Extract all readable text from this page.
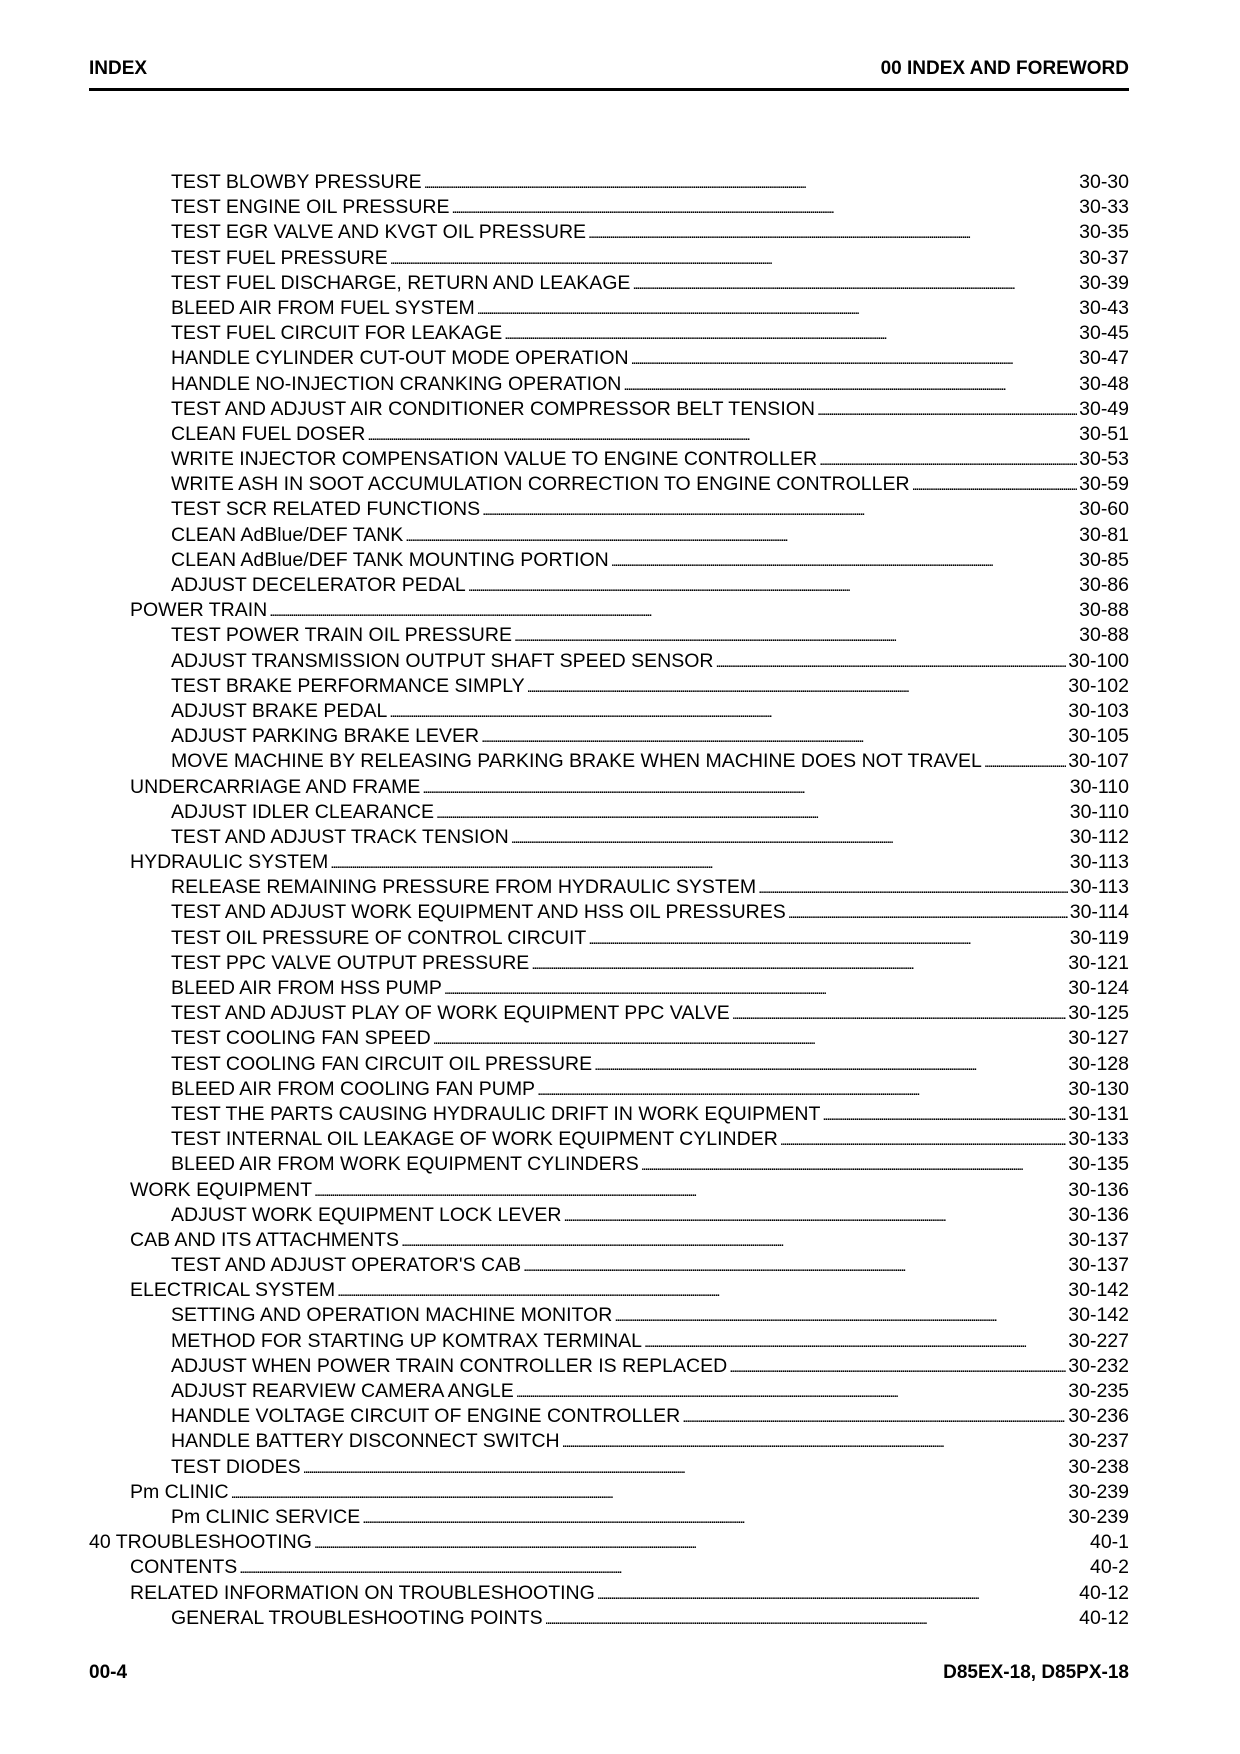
INDEX	00 INDEX AND FOREWORD
TEST BLOWBY PRESSURE . . .	30-30
TEST ENGINE OIL PRESSURE . . .	30-33
TEST EGR VALVE AND KVGT OIL PRESSURE . . .	30-35
TEST FUEL PRESSURE . . .	30-37
TEST FUEL DISCHARGE, RETURN AND LEAKAGE . . .	30-39
BLEED AIR FROM FUEL SYSTEM . . .	30-43
TEST FUEL CIRCUIT FOR LEAKAGE . . .	30-45
HANDLE CYLINDER CUT-OUT MODE OPERATION . . .	30-47
HANDLE NO-INJECTION CRANKING OPERATION . . .	30-48
TEST AND ADJUST AIR CONDITIONER COMPRESSOR BELT TENSION . . .	30-49
CLEAN FUEL DOSER . . .	30-51
WRITE INJECTOR COMPENSATION VALUE TO ENGINE CONTROLLER . . .	30-53
WRITE ASH IN SOOT ACCUMULATION CORRECTION TO ENGINE CONTROLLER . . .	30-59
TEST SCR RELATED FUNCTIONS . . .	30-60
CLEAN AdBlue/DEF TANK . . .	30-81
CLEAN AdBlue/DEF TANK MOUNTING PORTION . . .	30-85
ADJUST DECELERATOR PEDAL . . .	30-86
POWER TRAIN . . .	30-88
TEST POWER TRAIN OIL PRESSURE . . .	30-88
ADJUST TRANSMISSION OUTPUT SHAFT SPEED SENSOR . . .	30-100
TEST BRAKE PERFORMANCE SIMPLY . . .	30-102
ADJUST BRAKE PEDAL . . .	30-103
ADJUST PARKING BRAKE LEVER . . .	30-105
MOVE MACHINE BY RELEASING PARKING BRAKE WHEN MACHINE DOES NOT TRAVEL . . .	30-107
UNDERCARRIAGE AND FRAME . . .	30-110
ADJUST IDLER CLEARANCE . . .	30-110
TEST AND ADJUST TRACK TENSION . . .	30-112
HYDRAULIC SYSTEM . . .	30-113
RELEASE REMAINING PRESSURE FROM HYDRAULIC SYSTEM . . .	30-113
TEST AND ADJUST WORK EQUIPMENT AND HSS OIL PRESSURES . . .	30-114
TEST OIL PRESSURE OF CONTROL CIRCUIT . . .	30-119
TEST PPC VALVE OUTPUT PRESSURE . . .	30-121
BLEED AIR FROM HSS PUMP . . .	30-124
TEST AND ADJUST PLAY OF WORK EQUIPMENT PPC VALVE . . .	30-125
TEST COOLING FAN SPEED . . .	30-127
TEST COOLING FAN CIRCUIT OIL PRESSURE . . .	30-128
BLEED AIR FROM COOLING FAN PUMP . . .	30-130
TEST THE PARTS CAUSING HYDRAULIC DRIFT IN WORK EQUIPMENT . . .	30-131
TEST INTERNAL OIL LEAKAGE OF WORK EQUIPMENT CYLINDER . . .	30-133
BLEED AIR FROM WORK EQUIPMENT CYLINDERS . . .	30-135
WORK EQUIPMENT . . .	30-136
ADJUST WORK EQUIPMENT LOCK LEVER . . .	30-136
CAB AND ITS ATTACHMENTS . . .	30-137
TEST AND ADJUST OPERATOR'S CAB . . .	30-137
ELECTRICAL SYSTEM . . .	30-142
SETTING AND OPERATION MACHINE MONITOR . . .	30-142
METHOD FOR STARTING UP KOMTRAX TERMINAL . . .	30-227
ADJUST WHEN POWER TRAIN CONTROLLER IS REPLACED . . .	30-232
ADJUST REARVIEW CAMERA ANGLE . . .	30-235
HANDLE VOLTAGE CIRCUIT OF ENGINE CONTROLLER . . .	30-236
HANDLE BATTERY DISCONNECT SWITCH . . .	30-237
TEST DIODES . . .	30-238
Pm CLINIC . . .	30-239
Pm CLINIC SERVICE . . .	30-239
40 TROUBLESHOOTING . . .	40-1
CONTENTS . . .	40-2
RELATED INFORMATION ON TROUBLESHOOTING . . .	40-12
GENERAL TROUBLESHOOTING POINTS . . .	40-12
00-4	D85EX-18, D85PX-18
